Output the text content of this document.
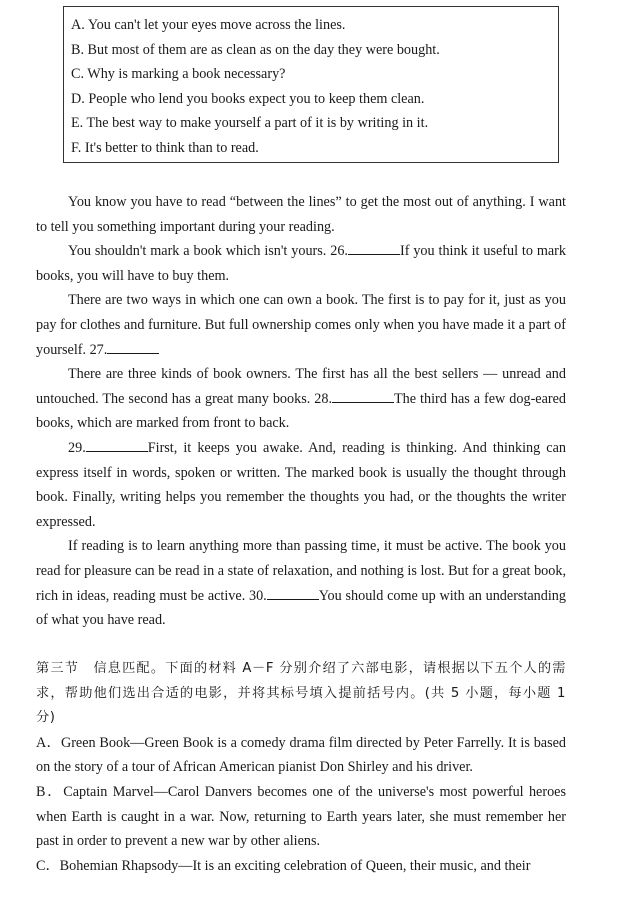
A. You can't let your eyes move across the lines.
B. But most of them are as clean as on the day they were bought.
C. Why is marking a book necessary?
D. People who lend you books expect you to keep them clean.
E. The best way to make yourself a part of it is by writing in it.
F. It's better to think than to read.

You know you have to read “between the lines” to get the most out of anything. I want to tell you something important during your reading.

You shouldn't mark a book which isn't yours. 26.	If you think it useful to mark books, you will have to buy them.

There are two ways in which one can own a book. The first is to pay for it, just as you pay for clothes and furniture. But full ownership comes only when you have made it a part of yourself. 27.

There are three kinds of book owners. The first has all the best sellers — unread and untouched. The second has a great many books. 28.	The third has a few dog-eared books, which are marked from front to back.

29.	First, it keeps you awake. And, reading is thinking. And thinking can express itself in words, spoken or written. The marked book is usually the thought through book. Finally, writing helps you remember the thoughts you had, or the thoughts the writer expressed.

If reading is to learn anything more than passing time, it must be active. The book you read for pleasure can be read in a state of relaxation, and nothing is lost. But for a great book, rich in ideas, reading must be active. 30.	You should come up with an understanding of what you have read.

第三节　信息匹配。下面的材料 A－F 分别介绍了六部电影，请根据以下五个人的需求，帮助他们选出合适的电影，并将其标号填入提前括号内。(共 5 小题，每小题 1 分)

A．Green Book—Green Book is a comedy drama film directed by Peter Farrelly. It is based on the story of a tour of African American pianist Don Shirley and his driver.

B．Captain Marvel—Carol Danvers becomes one of the universe's most powerful heroes when Earth is caught in a war. Now, returning to Earth years later, she must remember her past in order to prevent a new war by other aliens.

C．Bohemian Rhapsody—It is an exciting celebration of Queen, their music, and their
